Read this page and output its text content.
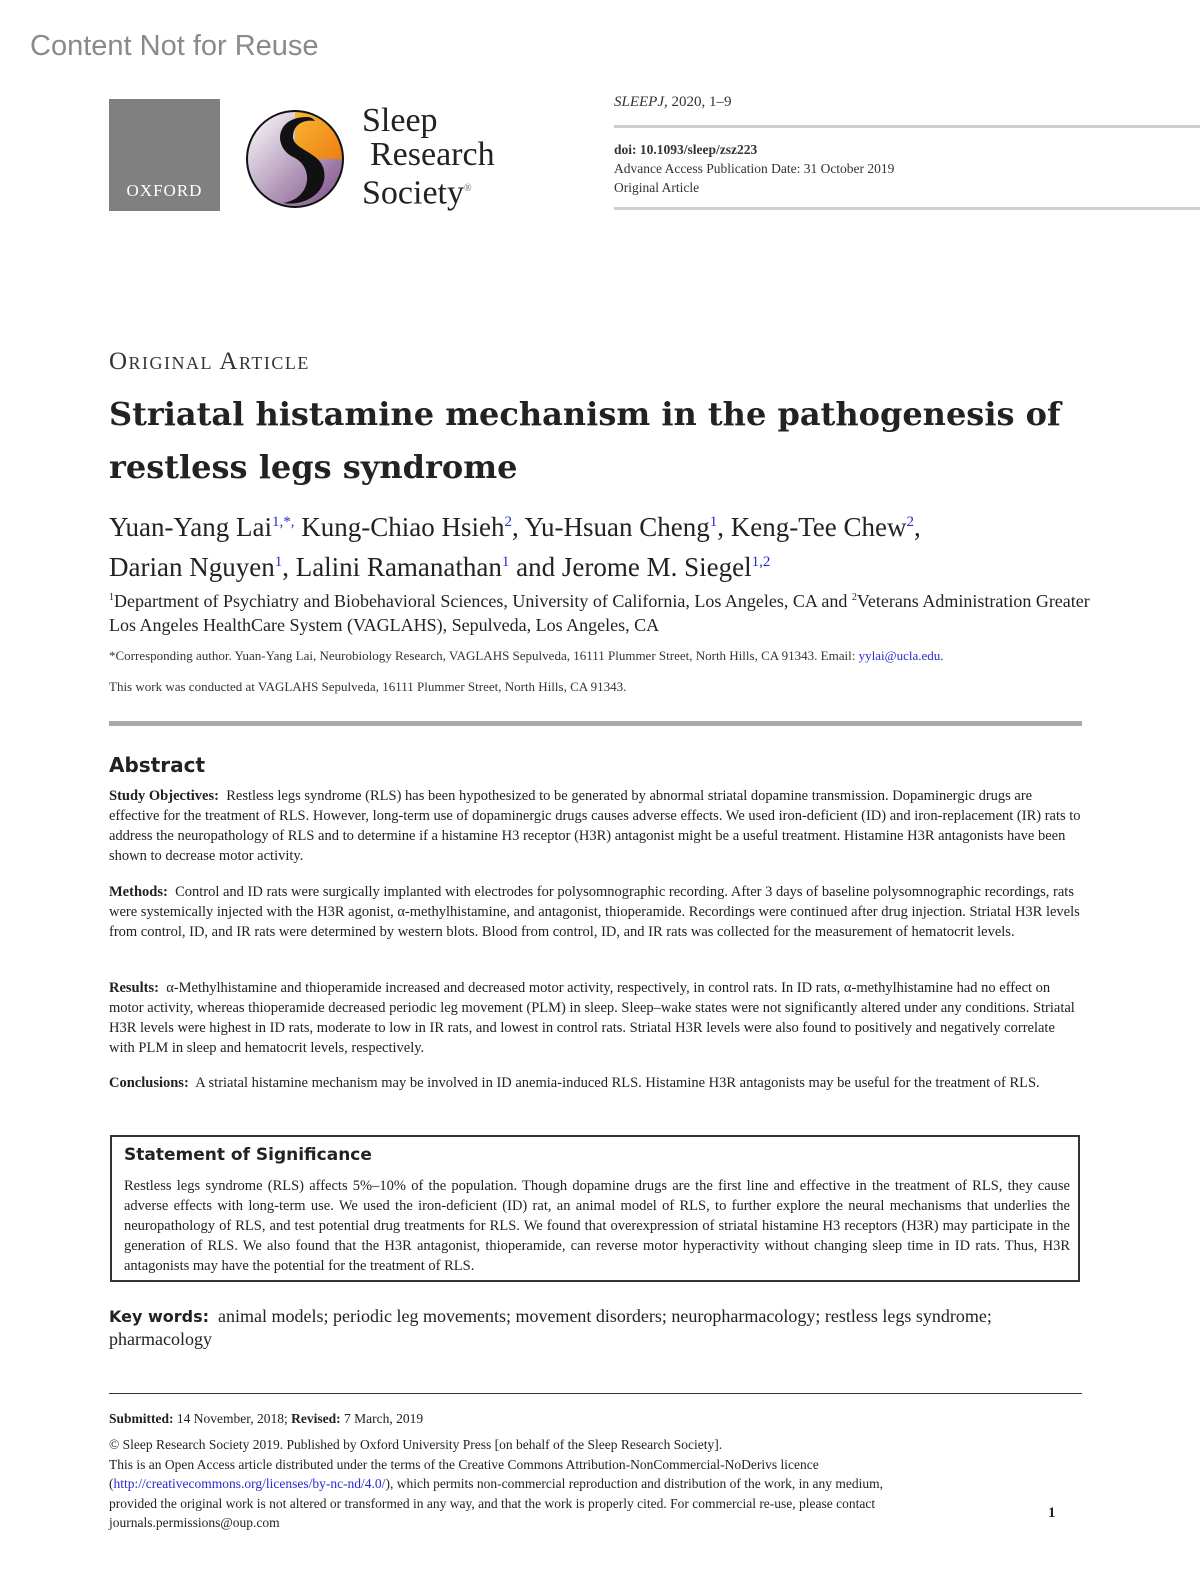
Content Not for Reuse
OXFORD
Sleep
Research
Society®
SLEEPJ, 2020, 1–9
doi: 10.1093/sleep/zsz223
Advance Access Publication Date: 31 October 2019
Original Article
Original Article
Striatal histamine mechanism in the pathogenesis of restless legs syndrome
Yuan-Yang Lai$^{1,*,}$ Kung-Chiao Hsieh$^2$, Yu-Hsuan Cheng$^1$, Keng-Tee Chew$^2$,
Darian Nguyen$^1$, Lalini Ramanathan$^1$ and Jerome M. Siegel$^{1,2}$
$^1$Department of Psychiatry and Biobehavioral Sciences, University of California, Los Angeles, CA and $^2$Veterans Administration Greater Los Angeles HealthCare System (VAGLAHS), Sepulveda, Los Angeles, CA
*Corresponding author. Yuan-Yang Lai, Neurobiology Research, VAGLAHS Sepulveda, 16111 Plummer Street, North Hills, CA 91343. Email: yylai@ucla.edu.
This work was conducted at VAGLAHS Sepulveda, 16111 Plummer Street, North Hills, CA 91343.
Abstract
Study Objectives: Restless legs syndrome (RLS) has been hypothesized to be generated by abnormal striatal dopamine transmission. Dopaminergic drugs are effective for the treatment of RLS. However, long-term use of dopaminergic drugs causes adverse effects. We used iron-deficient (ID) and iron-replacement (IR) rats to address the neuropathology of RLS and to determine if a histamine H3 receptor (H3R) antagonist might be a useful treatment. Histamine H3R antagonists have been shown to decrease motor activity.
Methods: Control and ID rats were surgically implanted with electrodes for polysomnographic recording. After 3 days of baseline polysomnographic recordings, rats were systemically injected with the H3R agonist, α-methylhistamine, and antagonist, thioperamide. Recordings were continued after drug injection. Striatal H3R levels from control, ID, and IR rats were determined by western blots. Blood from control, ID, and IR rats was collected for the measurement of hematocrit levels.
Results: α-Methylhistamine and thioperamide increased and decreased motor activity, respectively, in control rats. In ID rats, α-methylhistamine had no effect on motor activity, whereas thioperamide decreased periodic leg movement (PLM) in sleep. Sleep–wake states were not significantly altered under any conditions. Striatal H3R levels were highest in ID rats, moderate to low in IR rats, and lowest in control rats. Striatal H3R levels were also found to positively and negatively correlate with PLM in sleep and hematocrit levels, respectively.
Conclusions: A striatal histamine mechanism may be involved in ID anemia-induced RLS. Histamine H3R antagonists may be useful for the treatment of RLS.
Statement of Significance
Restless legs syndrome (RLS) affects 5%–10% of the population. Though dopamine drugs are the first line and effective in the treatment of RLS, they cause adverse effects with long-term use. We used the iron-deficient (ID) rat, an animal model of RLS, to further explore the neural mechanisms that underlies the neuropathology of RLS, and test potential drug treatments for RLS. We found that overexpression of striatal histamine H3 receptors (H3R) may participate in the generation of RLS. We also found that the H3R antagonist, thioperamide, can reverse motor hyperactivity without changing sleep time in ID rats. Thus, H3R antagonists may have the potential for the treatment of RLS.
Key words: animal models; periodic leg movements; movement disorders; neuropharmacology; restless legs syndrome; pharmacology
Submitted: 14 November, 2018; Revised: 7 March, 2019
© Sleep Research Society 2019. Published by Oxford University Press [on behalf of the Sleep Research Society].
This is an Open Access article distributed under the terms of the Creative Commons Attribution-NonCommercial-NoDerivs licence (http://creativecommons.org/licenses/by-nc-nd/4.0/), which permits non-commercial reproduction and distribution of the work, in any medium, provided the original work is not altered or transformed in any way, and that the work is properly cited. For commercial re-use, please contact journals.permissions@oup.com
1
